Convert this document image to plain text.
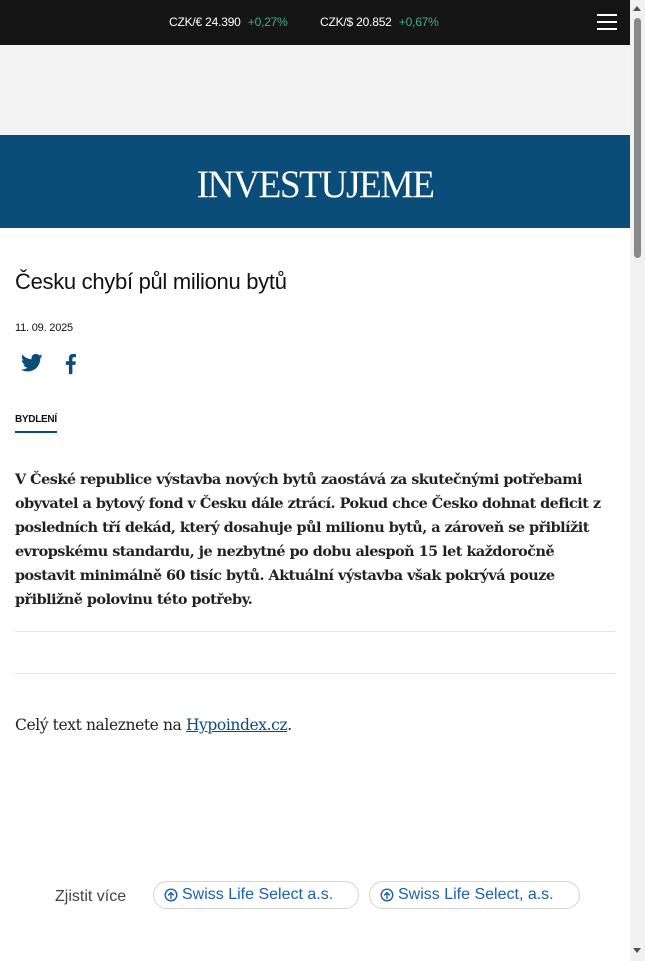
CZK/€ 24.390 +0,27%	CZK/$ 20.852 +0,67%
INVESTUJEME
Česku chybí půl milionu bytů
11. 09. 2025
BYDLENÍ

V České republice výstavba nových bytů zaostává za skutečnými potřebami obyvatel a bytový fond v Česku dále ztrácí. Pokud chce Česko dohnat deficit z posledních tří dekád, který dosahuje půl milionu bytů, a zároveň se přiblížit evropskému standardu, je nezbytné po dobu alespoň 15 let každoročně postavit minimálně 60 tisíc bytů. Aktuální výstavba však pokrývá pouze přibližně polovinu této potřeby.

Celý text naleznete na Hypoindex.cz.

Zjistit více	Swiss Life Select a.s.	Swiss Life Select, a.s.
